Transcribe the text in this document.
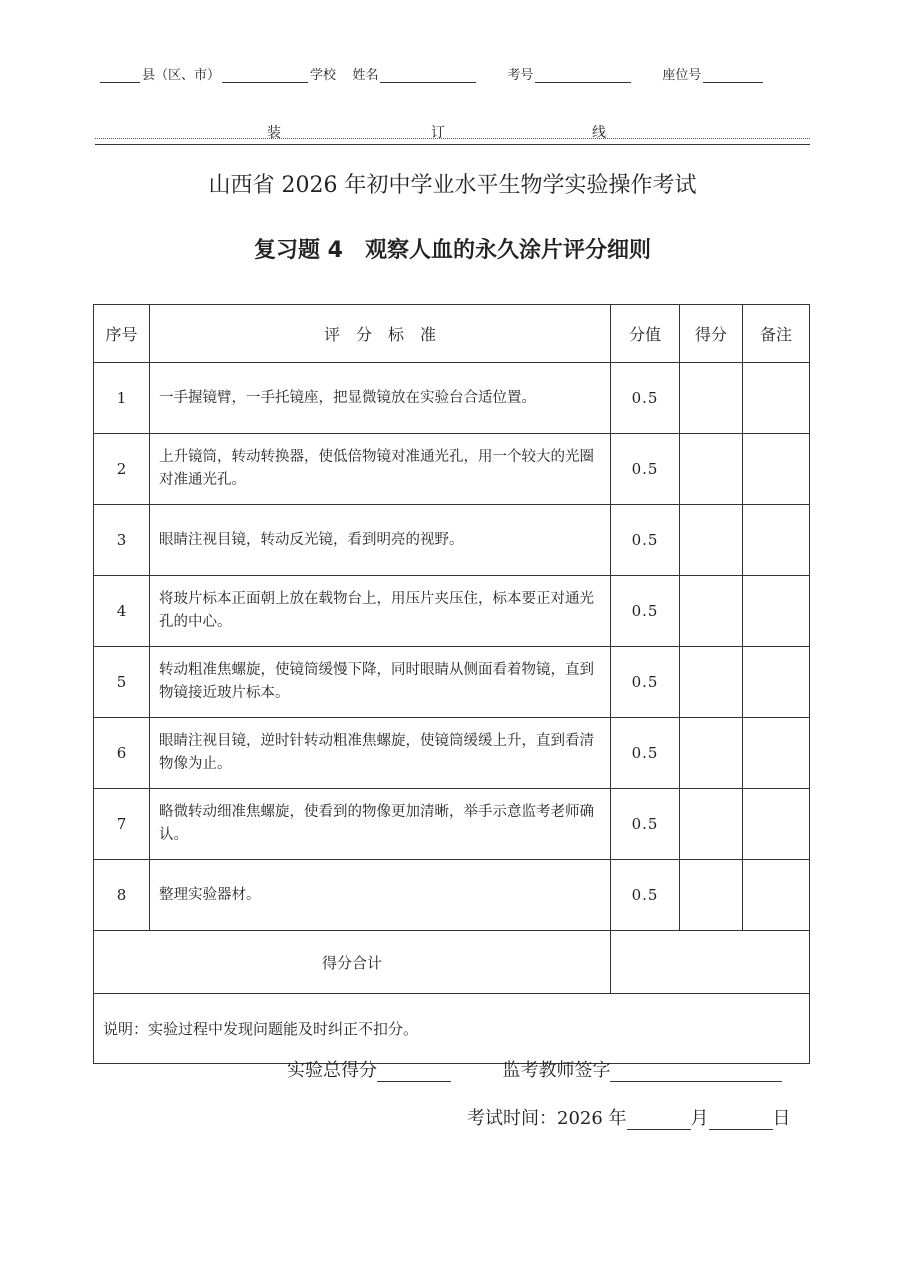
县（区、市）	学校 姓名	考号	座位号
装	订	线
山西省 2026 年初中学业水平生物学实验操作考试
复习题 4　观察人血的永久涂片评分细则
序号	评　分　标　准	分值	得分	备注
1	一手握镜臂，一手托镜座，把显微镜放在实验台合适位置。	0.5		
2	上升镜筒，转动转换器，使低倍物镜对准通光孔，用一个较大的光圈对准通光孔。	0.5		
3	眼睛注视目镜，转动反光镜，看到明亮的视野。	0.5		
4	将玻片标本正面朝上放在载物台上，用压片夹压住，标本要正对通光孔的中心。	0.5		
5	转动粗准焦螺旋，使镜筒缓慢下降，同时眼睛从侧面看着物镜，直到物镜接近玻片标本。	0.5		
6	眼睛注视目镜，逆时针转动粗准焦螺旋，使镜筒缓缓上升，直到看清物像为止。	0.5		
7	略微转动细准焦螺旋，使看到的物像更加清晰，举手示意监考老师确认。	0.5		
8	整理实验器材。	0.5		
得分合计				
说明：实验过程中发现问题能及时纠正不扣分。				
实验总得分	监考教师签字
考试时间：2026 年	月	日
